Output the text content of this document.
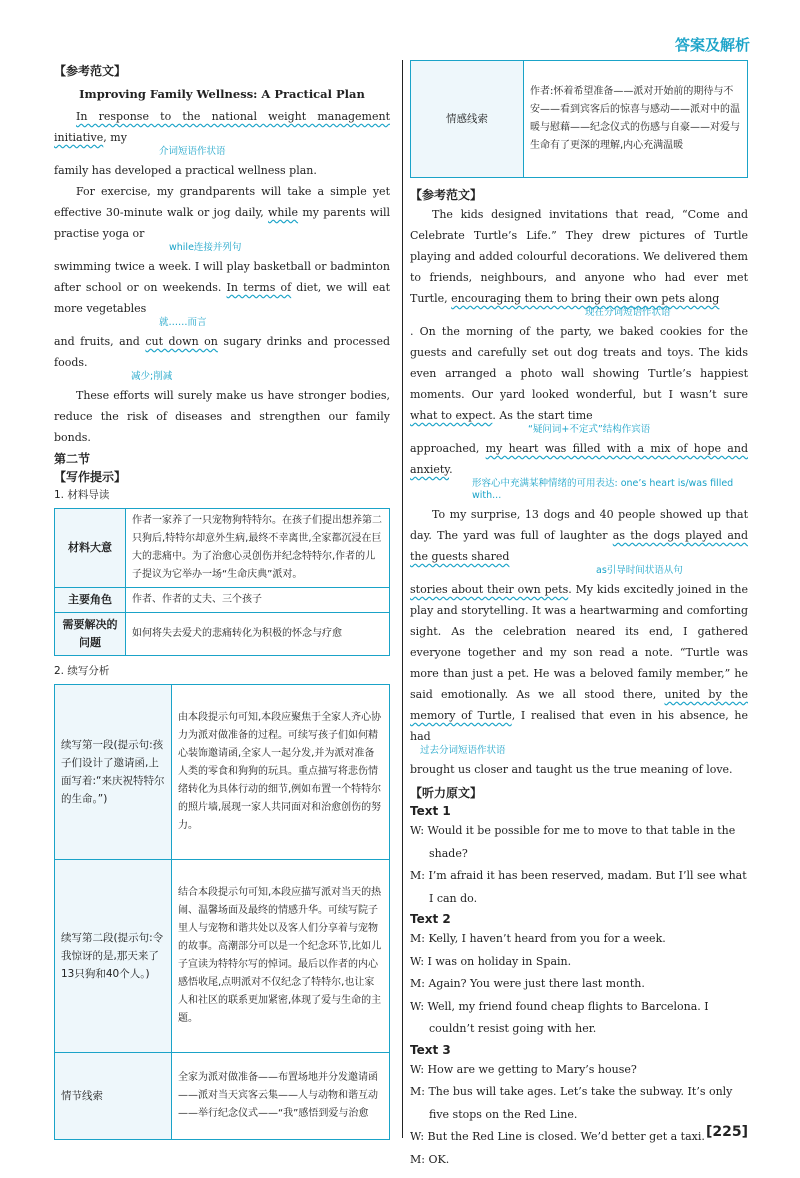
答案及解析

【参考范文】

Improving Family Wellness: A Practical Plan

In response to the national weight management initiative, my

介词短语作状语

family has developed a practical wellness plan.

For exercise, my grandparents will take a simple yet effective 30-minute walk or jog daily, while my parents will practise yoga or

while连接并列句

swimming twice a week. I will play basketball or badminton after school or on weekends. In terms of diet, we will eat more vegetables

就……而言

and fruits, and cut down on sugary drinks and processed foods.

减少;削减

These efforts will surely make us have stronger bodies, reduce the risk of diseases and strengthen our family bonds.

第二节

【写作提示】

1. 材料导读

材料大意	作者一家养了一只宠物狗特特尔。在孩子们提出想养第二只狗后,特特尔却意外生病,最终不幸离世,全家都沉浸在巨大的悲痛中。为了治愈心灵创伤并纪念特特尔,作者的儿子提议为它举办一场“生命庆典”派对。
主要角色	作者、作者的丈夫、三个孩子
需要解决的问题	如何将失去爱犬的悲痛转化为积极的怀念与疗愈

2. 续写分析

续写第一段(提示句:孩子们设计了邀请函,上面写着:“来庆祝特特尔的生命。”)	由本段提示句可知,本段应聚焦于全家人齐心协力为派对做准备的过程。可续写孩子们如何精心装饰邀请函,全家人一起分发,并为派对准备人类的零食和狗狗的玩具。重点描写将悲伤情绪转化为具体行动的细节,例如布置一个特特尔的照片墙,展现一家人共同面对和治愈创伤的努力。
续写第二段(提示句:令我惊讶的是,那天来了13只狗和40个人。)	结合本段提示句可知,本段应描写派对当天的热闹、温馨场面及最终的情感升华。可续写院子里人与宠物和谐共处以及客人们分享着与宠物的故事。高潮部分可以是一个纪念环节,比如儿子宣读为特特尔写的悼词。最后以作者的内心感悟收尾,点明派对不仅纪念了特特尔,也让家人和社区的联系更加紧密,体现了爱与生命的主题。
情节线索	全家为派对做准备——布置场地并分发邀请函——派对当天宾客云集——人与动物和谐互动——举行纪念仪式——“我”感悟到爱与治愈
情感线索	作者:怀着希望准备——派对开始前的期待与不安——看到宾客后的惊喜与感动——派对中的温暖与慰藉——纪念仪式的伤感与自豪——对爱与生命有了更深的理解,内心充满温暖

【参考范文】

The kids designed invitations that read, “Come and Celebrate Turtle’s Life.” They drew pictures of Turtle playing and added colourful decorations. We delivered them to friends, neighbours, and anyone who had ever met Turtle, encouraging them to bring their own pets along

现在分词短语作状语

. On the morning of the party, we baked cookies for the guests and carefully set out dog treats and toys. The kids even arranged a photo wall showing Turtle’s happiest moments. Our yard looked wonderful, but I wasn’t sure what to expect. As the start time

“疑问词+不定式”结构作宾语

approached, my heart was filled with a mix of hope and anxiety.

形容心中充满某种情绪的可用表达: one’s heart is/was filled with...

To my surprise, 13 dogs and 40 people showed up that day. The yard was full of laughter as the dogs played and the guests shared

as引导时间状语从句

stories about their own pets. My kids excitedly joined in the play and storytelling. It was a heartwarming and comforting sight. As the celebration neared its end, I gathered everyone together and my son read a note. “Turtle was more than just a pet. He was a beloved family member,” he said emotionally. As we all stood there, united by the memory of Turtle, I realised that even in his absence, he had

过去分词短语作状语

brought us closer and taught us the true meaning of love.

【听力原文】

Text 1

W: Would it be possible for me to move to that table in the shade?

M: I’m afraid it has been reserved, madam. But I’ll see what I can do.

Text 2

M: Kelly, I haven’t heard from you for a week.

W: I was on holiday in Spain.

M: Again? You were just there last month.

W: Well, my friend found cheap flights to Barcelona. I couldn’t resist going with her.

Text 3

W: How are we getting to Mary’s house?

M: The bus will take ages. Let’s take the subway. It’s only five stops on the Red Line.

W: But the Red Line is closed. We’d better get a taxi.

M: OK.

[225]
